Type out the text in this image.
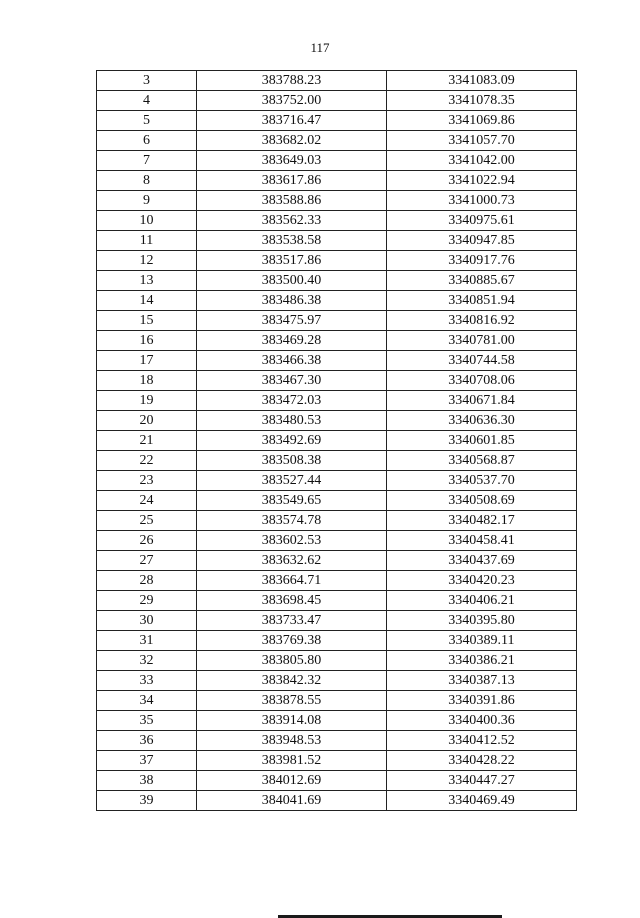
117
3	383788.23	3341083.09
4	383752.00	3341078.35
5	383716.47	3341069.86
6	383682.02	3341057.70
7	383649.03	3341042.00
8	383617.86	3341022.94
9	383588.86	3341000.73
10	383562.33	3340975.61
11	383538.58	3340947.85
12	383517.86	3340917.76
13	383500.40	3340885.67
14	383486.38	3340851.94
15	383475.97	3340816.92
16	383469.28	3340781.00
17	383466.38	3340744.58
18	383467.30	3340708.06
19	383472.03	3340671.84
20	383480.53	3340636.30
21	383492.69	3340601.85
22	383508.38	3340568.87
23	383527.44	3340537.70
24	383549.65	3340508.69
25	383574.78	3340482.17
26	383602.53	3340458.41
27	383632.62	3340437.69
28	383664.71	3340420.23
29	383698.45	3340406.21
30	383733.47	3340395.80
31	383769.38	3340389.11
32	383805.80	3340386.21
33	383842.32	3340387.13
34	383878.55	3340391.86
35	383914.08	3340400.36
36	383948.53	3340412.52
37	383981.52	3340428.22
38	384012.69	3340447.27
39	384041.69	3340469.49
